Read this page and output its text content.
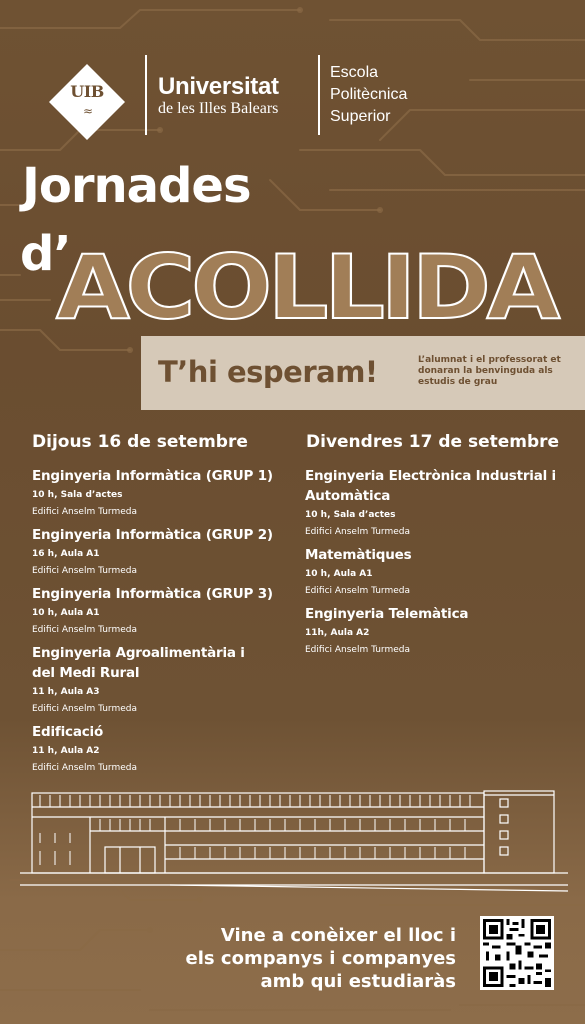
UIB
≈
Universitat
de les Illes Balears
Escola
Politècnica
Superior
Jornades
d’
ACOLLIDA
T’hi esperam!	L’alumnat i el professorat et donaran la benvinguda als estudis de grau
Dijous 16 de setembre
Enginyeria Informàtica (GRUP 1)
10 h, Sala d’actes
Edifici Anselm Turmeda
Enginyeria Informàtica (GRUP 2)
16 h, Aula A1
Edifici Anselm Turmeda
Enginyeria Informàtica (GRUP 3)
10 h, Aula A1
Edifici Anselm Turmeda
Enginyeria Agroalimentària i del Medi Rural
11 h, Aula A3
Edifici Anselm Turmeda
Edificació
11 h, Aula A2
Edifici Anselm Turmeda
Divendres 17 de setembre
Enginyeria Electrònica Industrial i Automàtica
10 h, Sala d’actes
Edifici Anselm Turmeda
Matemàtiques
10 h, Aula A1
Edifici Anselm Turmeda
Enginyeria Telemàtica
11h, Aula A2
Edifici Anselm Turmeda
Vine a conèixer el lloc i
els companys i companyes
amb qui estudiaràs
